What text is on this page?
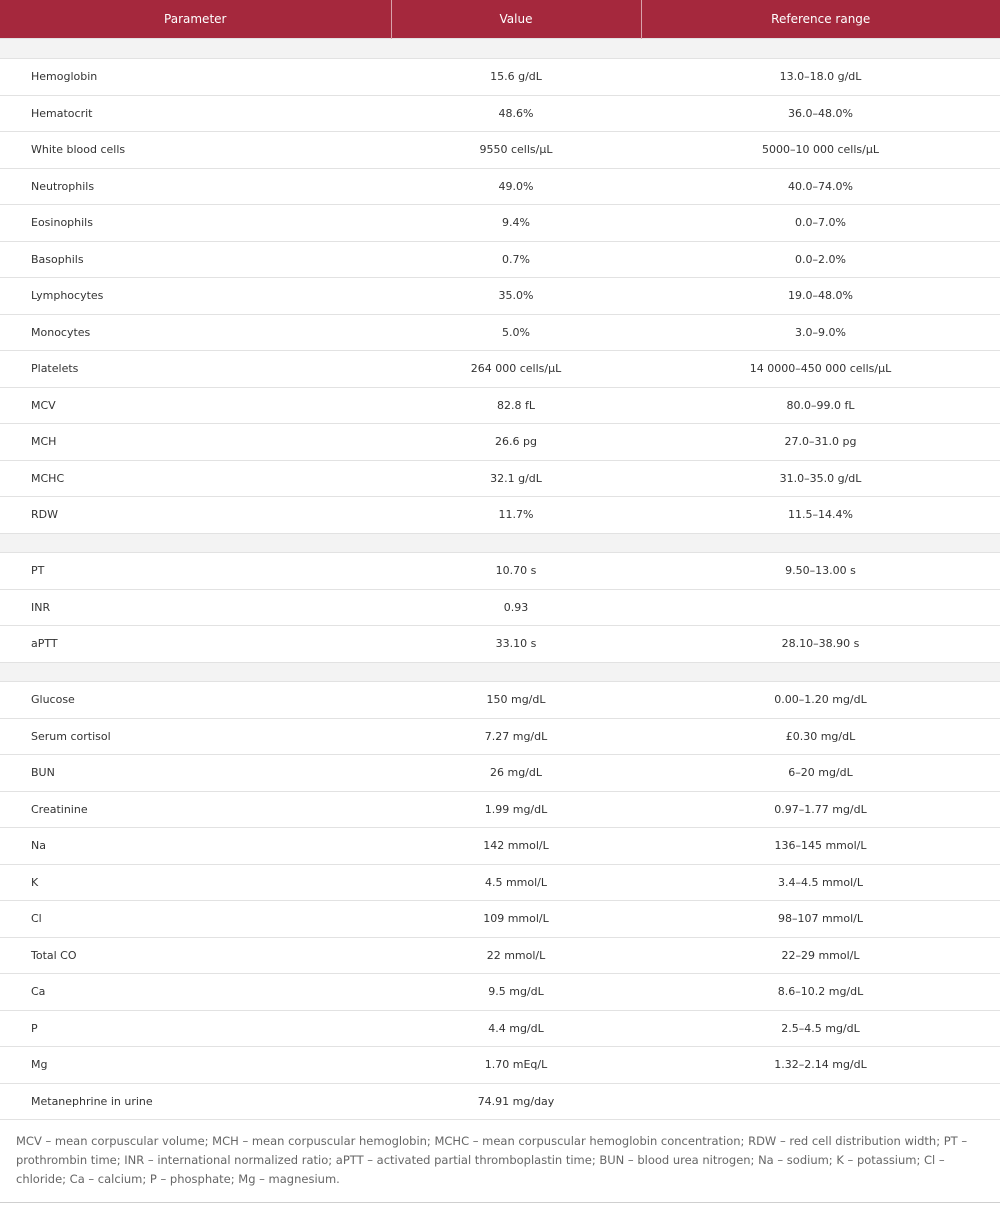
Parameter	Value	Reference range

Hemoglobin	15.6 g/dL	13.0–18.0 g/dL
Hematocrit	48.6%	36.0–48.0%
White blood cells	9550 cells/μL	5000–10 000 cells/μL
Neutrophils	49.0%	40.0–74.0%
Eosinophils	9.4%	0.0–7.0%
Basophils	0.7%	0.0–2.0%
Lymphocytes	35.0%	19.0–48.0%
Monocytes	5.0%	3.0–9.0%
Platelets	264 000 cells/μL	14 0000–450 000 cells/μL
MCV	82.8 fL	80.0–99.0 fL
MCH	26.6 pg	27.0–31.0 pg
MCHC	32.1 g/dL	31.0–35.0 g/dL
RDW	11.7%	11.5–14.4%

PT	10.70 s	9.50–13.00 s
INR	0.93	
aPTT	33.10 s	28.10–38.90 s

Glucose	150 mg/dL	0.00–1.20 mg/dL
Serum cortisol	7.27 mg/dL	£0.30 mg/dL
BUN	26 mg/dL	6–20 mg/dL
Creatinine	1.99 mg/dL	0.97–1.77 mg/dL
Na	142 mmol/L	136–145 mmol/L
K	4.5 mmol/L	3.4–4.5 mmol/L
Cl	109 mmol/L	98–107 mmol/L
Total CO	22 mmol/L	22–29 mmol/L
Ca	9.5 mg/dL	8.6–10.2 mg/dL
P	4.4 mg/dL	2.5–4.5 mg/dL
Mg	1.70 mEq/L	1.32–2.14 mg/dL
Metanephrine in urine	74.91 mg/day	

MCV – mean corpuscular volume; MCH – mean corpuscular hemoglobin; MCHC – mean corpuscular hemoglobin concentration; RDW – red cell distribution width; PT – prothrombin time; INR – international normalized ratio; aPTT – activated partial thromboplastin time; BUN – blood urea nitrogen; Na – sodium; K – potassium; Cl – chloride; Ca – calcium; P – phosphate; Mg – magnesium.
